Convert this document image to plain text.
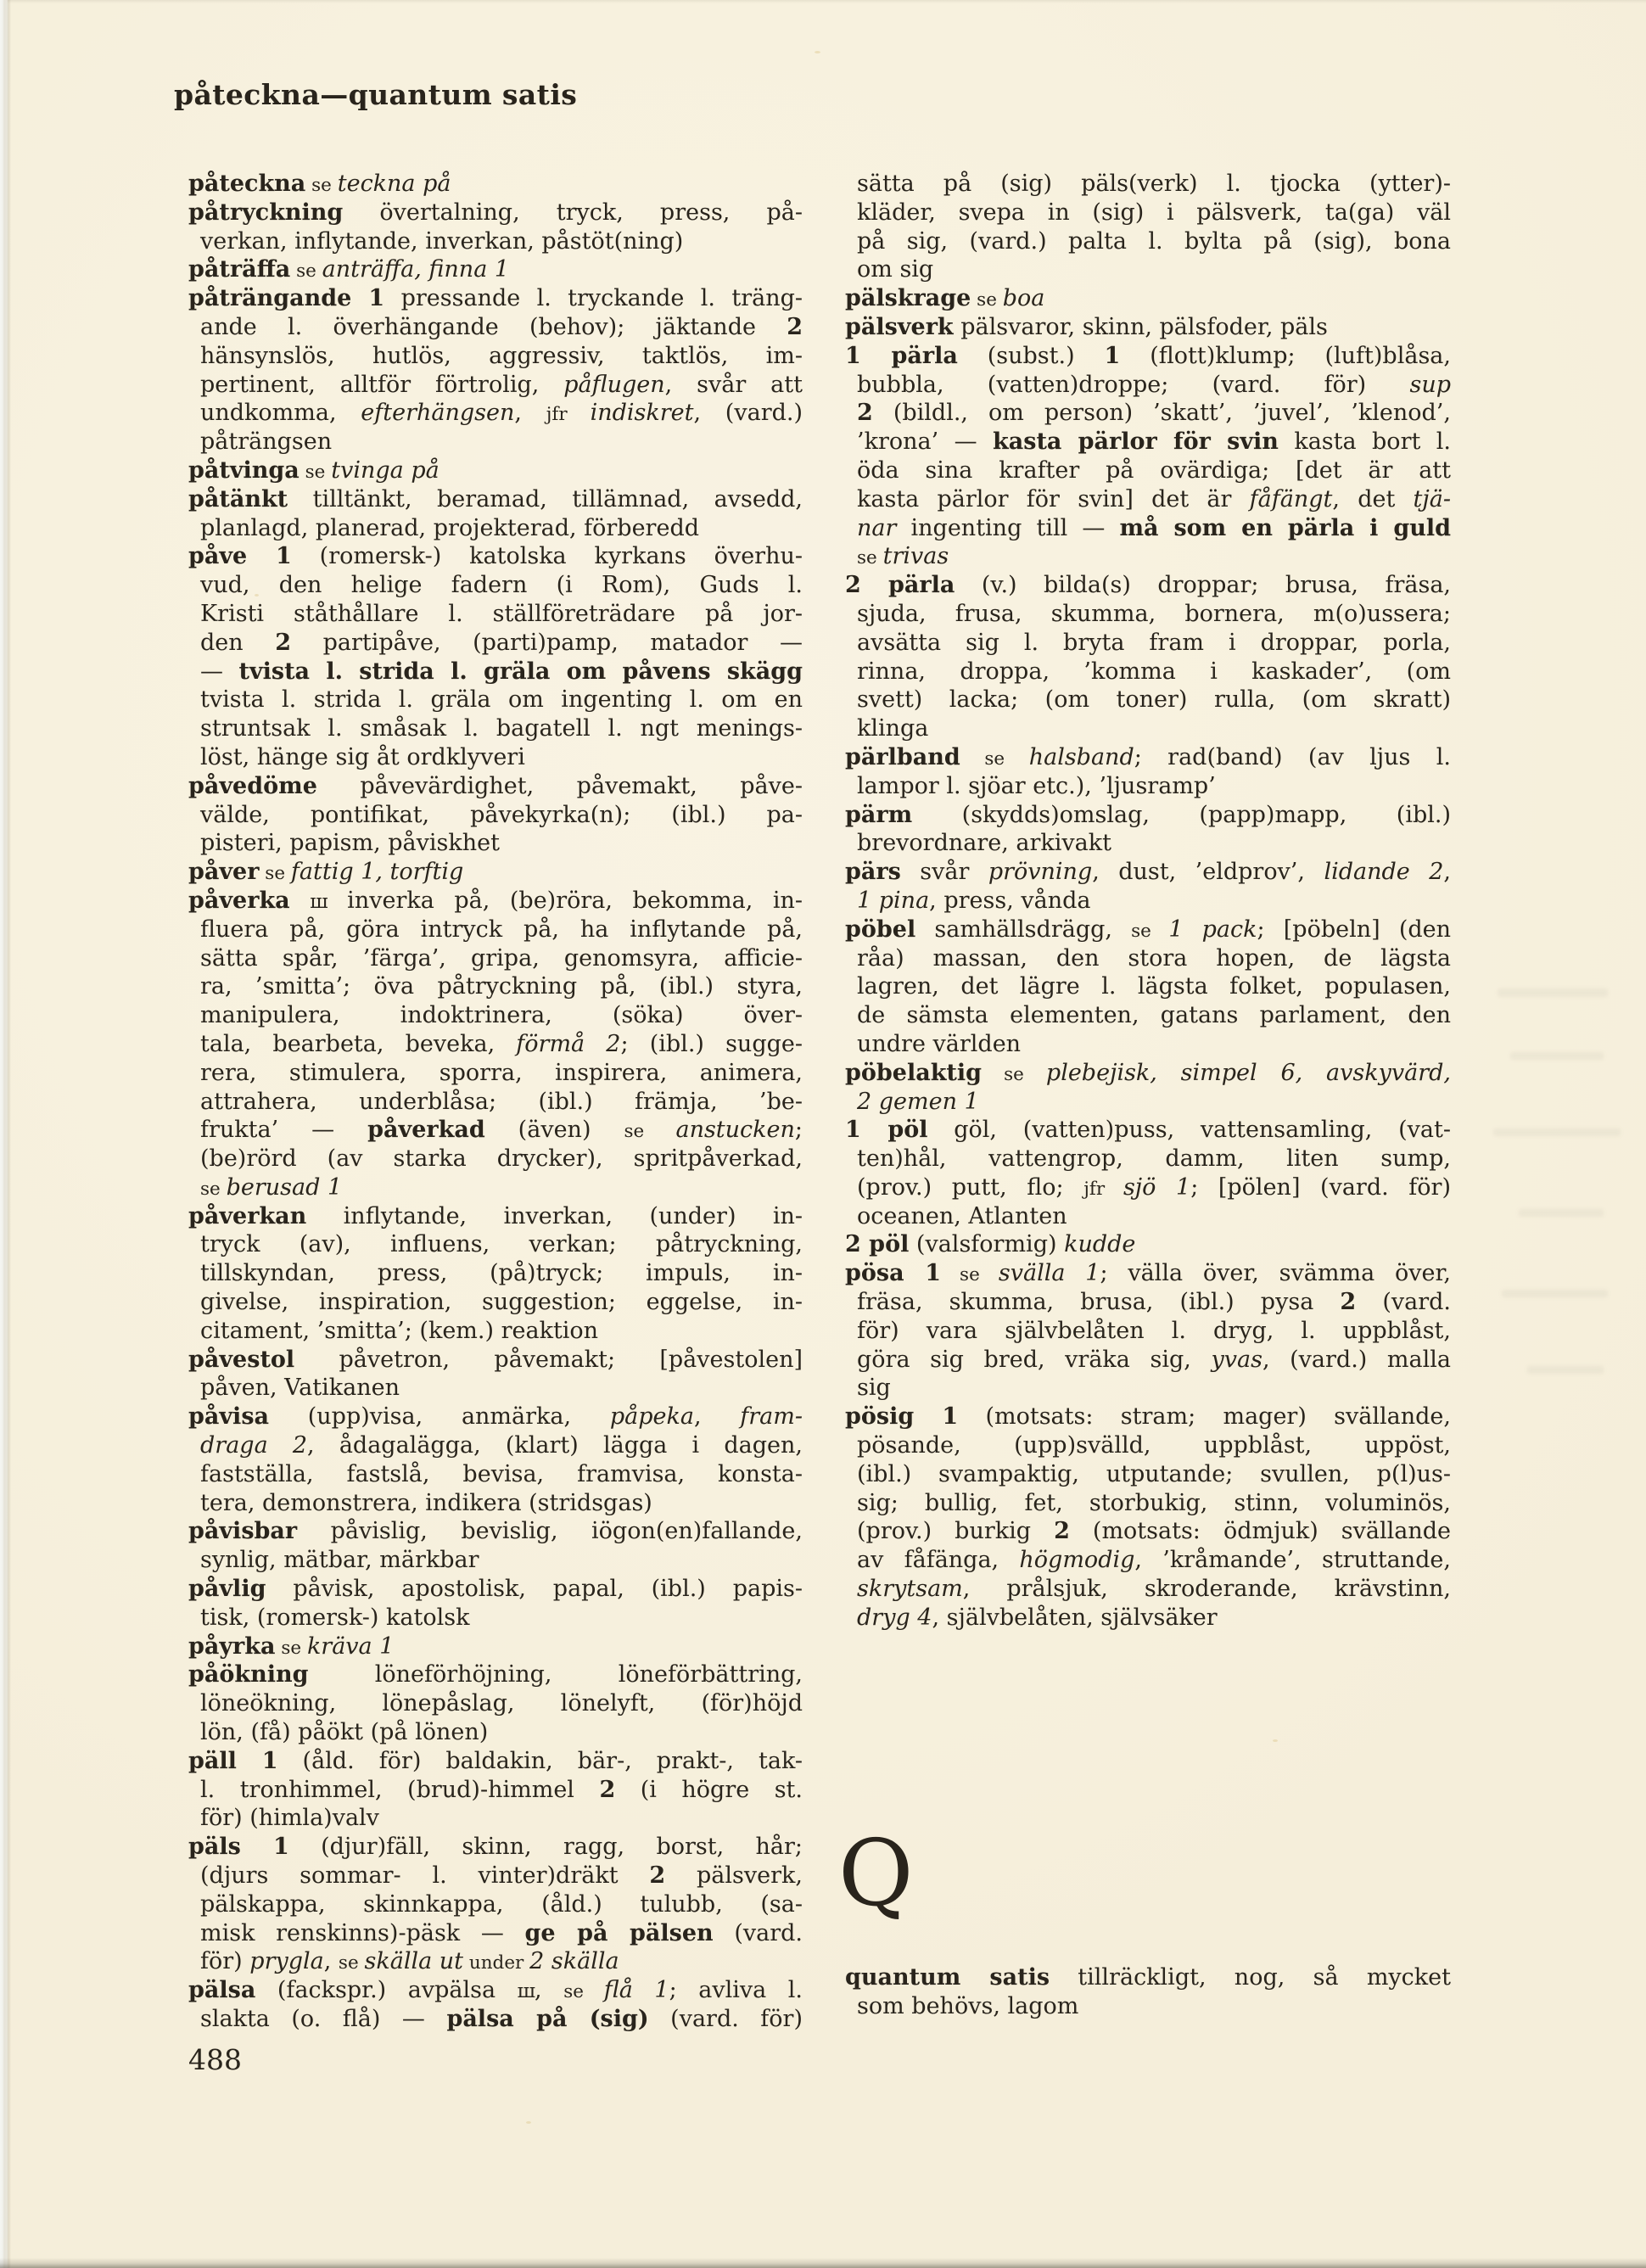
påteckna—quantum satis
påteckna se teckna på
påtryckning övertalning, tryck, press, på-
verkan, inflytande, inverkan, påstöt(ning)
påträffa se anträffa, finna 1
påträngande 1 pressande l. tryckande l. träng-
ande l. överhängande (behov); jäktande 2
hänsynslös, hutlös, aggressiv, taktlös, im-
pertinent, alltför förtrolig, påflugen, svår att
undkomma, efterhängsen, jfr indiskret, (vard.)
påträngsen
påtvinga se tvinga på
påtänkt tilltänkt, beramad, tillämnad, avsedd,
planlagd, planerad, projekterad, förberedd
påve 1 (romersk-) katolska kyrkans överhu-
vud, den helige fadern (i Rom), Guds l.
Kristi ståthållare l. ställföreträdare på jor-
den 2 partipåve, (parti)pamp, matador —
— tvista l. strida l. gräla om påvens skägg
tvista l. strida l. gräla om ingenting l. om en
struntsak l. småsak l. bagatell l. ngt menings-
löst, hänge sig åt ordklyveri
påvedöme påvevärdighet, påvemakt, påve-
välde, pontifikat, påvekyrka(n); (ibl.) pa-
pisteri, papism, påviskhet
påver se fattig 1, torftig
påverka ш inverka på, (be)röra, bekomma, in-
fluera på, göra intryck på, ha inflytande på,
sätta spår, ’färga’, gripa, genomsyra, afficie-
ra, ’smitta’; öva påtryckning på, (ibl.) styra,
manipulera, indoktrinera, (söka) över-
tala, bearbeta, beveka, förmå 2; (ibl.) sugge-
rera, stimulera, sporra, inspirera, animera,
attrahera, underblåsa; (ibl.) främja, ’be-
frukta’ — påverkad (även) se anstucken;
(be)rörd (av starka drycker), spritpåverkad,
se berusad 1
påverkan inflytande, inverkan, (under) in-
tryck (av), influens, verkan; påtryckning,
tillskyndan, press, (på)tryck; impuls, in-
givelse, inspiration, suggestion; eggelse, in-
citament, ’smitta’; (kem.) reaktion
påvestol påvetron, påvemakt; [påvestolen]
påven, Vatikanen
påvisa (upp)visa, anmärka, påpeka, fram-
draga 2, ådagalägga, (klart) lägga i dagen,
fastställa, fastslå, bevisa, framvisa, konsta-
tera, demonstrera, indikera (stridsgas)
påvisbar påvislig, bevislig, iögon(en)fallande,
synlig, mätbar, märkbar
påvlig påvisk, apostolisk, papal, (ibl.) papis-
tisk, (romersk-) katolsk
påyrka se kräva 1
påökning löneförhöjning, löneförbättring,
löneökning, lönepåslag, lönelyft, (för)höjd
lön, (få) påökt (på lönen)
päll 1 (åld. för) baldakin, bär-, prakt-, tak-
l. tronhimmel, (brud)-himmel 2 (i högre st.
för) (himla)valv
päls 1 (djur)fäll, skinn, ragg, borst, hår;
(djurs sommar- l. vinter)dräkt 2 pälsverk,
pälskappa, skinnkappa, (åld.) tulubb, (sa-
misk renskinns)-päsk — ge på pälsen (vard.
för) prygla, se skälla ut under 2 skälla
pälsa (fackspr.) avpälsa ш, se flå 1; avliva l.
slakta (o. flå) — pälsa på (sig) (vard. för)
sätta på (sig) päls(verk) l. tjocka (ytter)-
kläder, svepa in (sig) i pälsverk, ta(ga) väl
på sig, (vard.) palta l. bylta på (sig), bona
om sig
pälskrage se boa
pälsverk pälsvaror, skinn, pälsfoder, päls
1 pärla (subst.) 1 (flott)klump; (luft)blåsa,
bubbla, (vatten)droppe; (vard. för) sup
2 (bildl., om person) ’skatt’, ’juvel’, ’klenod’,
’krona’ — kasta pärlor för svin kasta bort l.
öda sina krafter på ovärdiga; [det är att
kasta pärlor för svin] det är fåfängt, det tjä-
nar ingenting till — må som en pärla i guld
se trivas
2 pärla (v.) bilda(s) droppar; brusa, fräsa,
sjuda, frusa, skumma, bornera, m(o)ussera;
avsätta sig l. bryta fram i droppar, porla,
rinna, droppa, ’komma i kaskader’, (om
svett) lacka; (om toner) rulla, (om skratt)
klinga
pärlband se halsband; rad(band) (av ljus l.
lampor l. sjöar etc.), ’ljusramp’
pärm (skydds)omslag, (papp)mapp, (ibl.)
brevordnare, arkivakt
pärs svår prövning, dust, ’eldprov’, lidande 2,
1 pina, press, vånda
pöbel samhällsdrägg, se 1 pack; [pöbeln] (den
råa) massan, den stora hopen, de lägsta
lagren, det lägre l. lägsta folket, populasen,
de sämsta elementen, gatans parlament, den
undre världen
pöbelaktig se plebejisk, simpel 6, avskyvärd,
2 gemen 1
1 pöl göl, (vatten)puss, vattensamling, (vat-
ten)hål, vattengrop, damm, liten sump,
(prov.) putt, flo; jfr sjö 1; [pölen] (vard. för)
oceanen, Atlanten
2 pöl (valsformig) kudde
pösa 1 se svälla 1; välla över, svämma över,
fräsa, skumma, brusa, (ibl.) pysa 2 (vard.
för) vara självbelåten l. dryg, l. uppblåst,
göra sig bred, vräka sig, yvas, (vard.) malla
sig
pösig 1 (motsats: stram; mager) svällande,
pösande, (upp)svälld, uppblåst, uppöst,
(ibl.) svampaktig, utputande; svullen, p(l)us-
sig; bullig, fet, storbukig, stinn, voluminös,
(prov.) burkig 2 (motsats: ödmjuk) svällande
av fåfänga, högmodig, ’kråmande’, struttande,
skrytsam, prålsjuk, skroderande, krävstinn,
dryg 4, självbelåten, självsäker
Q
quantum satis tillräckligt, nog, så mycket
som behövs, lagom
488
